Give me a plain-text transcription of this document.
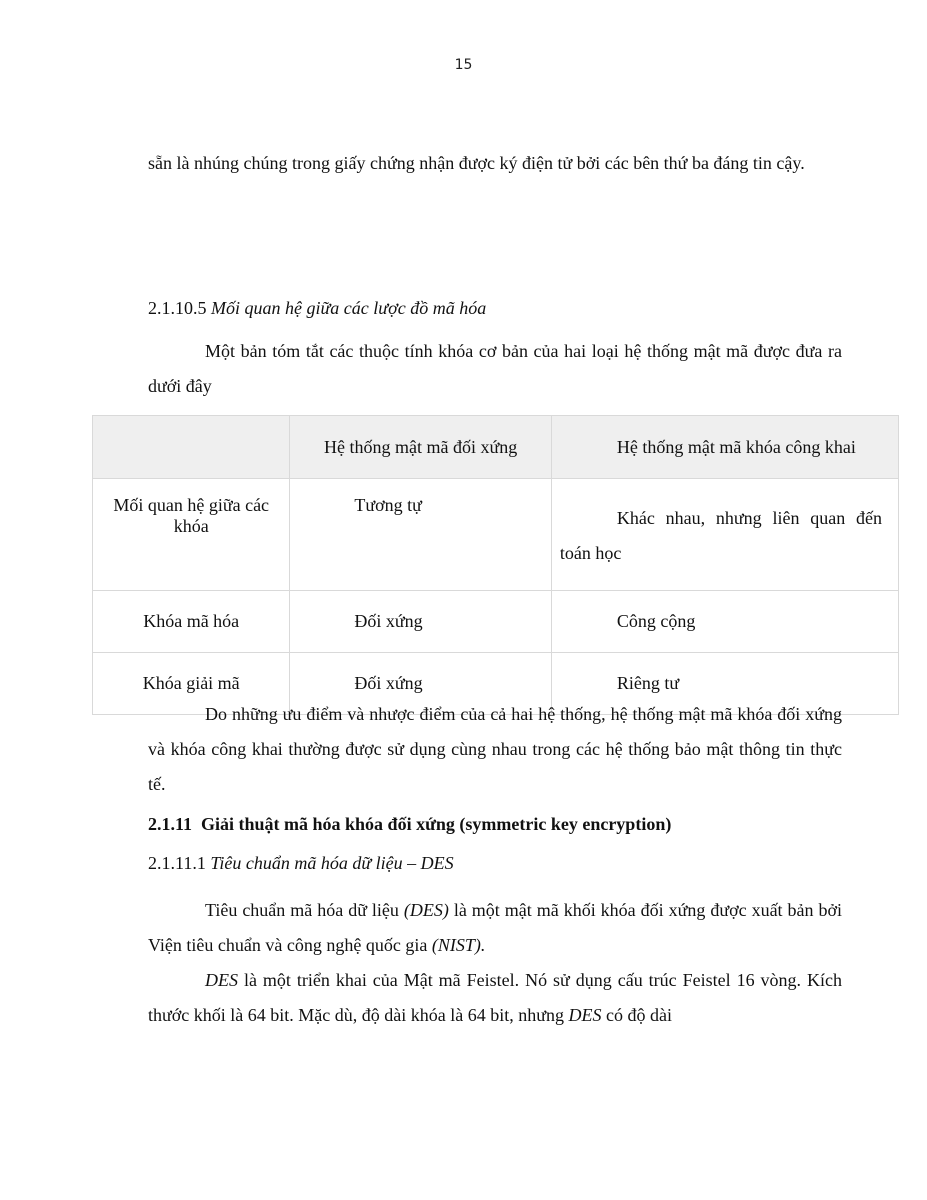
15

sẵn là nhúng chúng trong giấy chứng nhận được ký điện tử bởi các bên thứ ba đáng tin cậy.

2.1.10.5 Mối quan hệ giữa các lược đồ mã hóa

Một bản tóm tắt các thuộc tính khóa cơ bản của hai loại hệ thống mật mã được đưa ra dưới đây

	Hệ thống mật mã đối xứng	Hệ thống mật mã khóa công khai
Mối quan hệ giữa các khóa	Tương tự	Khác nhau, nhưng liên quan đến toán học
Khóa mã hóa	Đối xứng	Công cộng
Khóa giải mã	Đối xứng	Riêng tư

Do những ưu điểm và nhược điểm của cả hai hệ thống, hệ thống mật mã khóa đối xứng và khóa công khai thường được sử dụng cùng nhau trong các hệ thống bảo mật thông tin thực tế.

2.1.11 Giải thuật mã hóa khóa đối xứng (symmetric key encryption)

2.1.11.1 Tiêu chuẩn mã hóa dữ liệu – DES

Tiêu chuẩn mã hóa dữ liệu (DES) là một mật mã khối khóa đối xứng được xuất bản bởi Viện tiêu chuẩn và công nghệ quốc gia (NIST).

DES là một triển khai của Mật mã Feistel. Nó sử dụng cấu trúc Feistel 16 vòng. Kích thước khối là 64 bit. Mặc dù, độ dài khóa là 64 bit, nhưng DES có độ dài
